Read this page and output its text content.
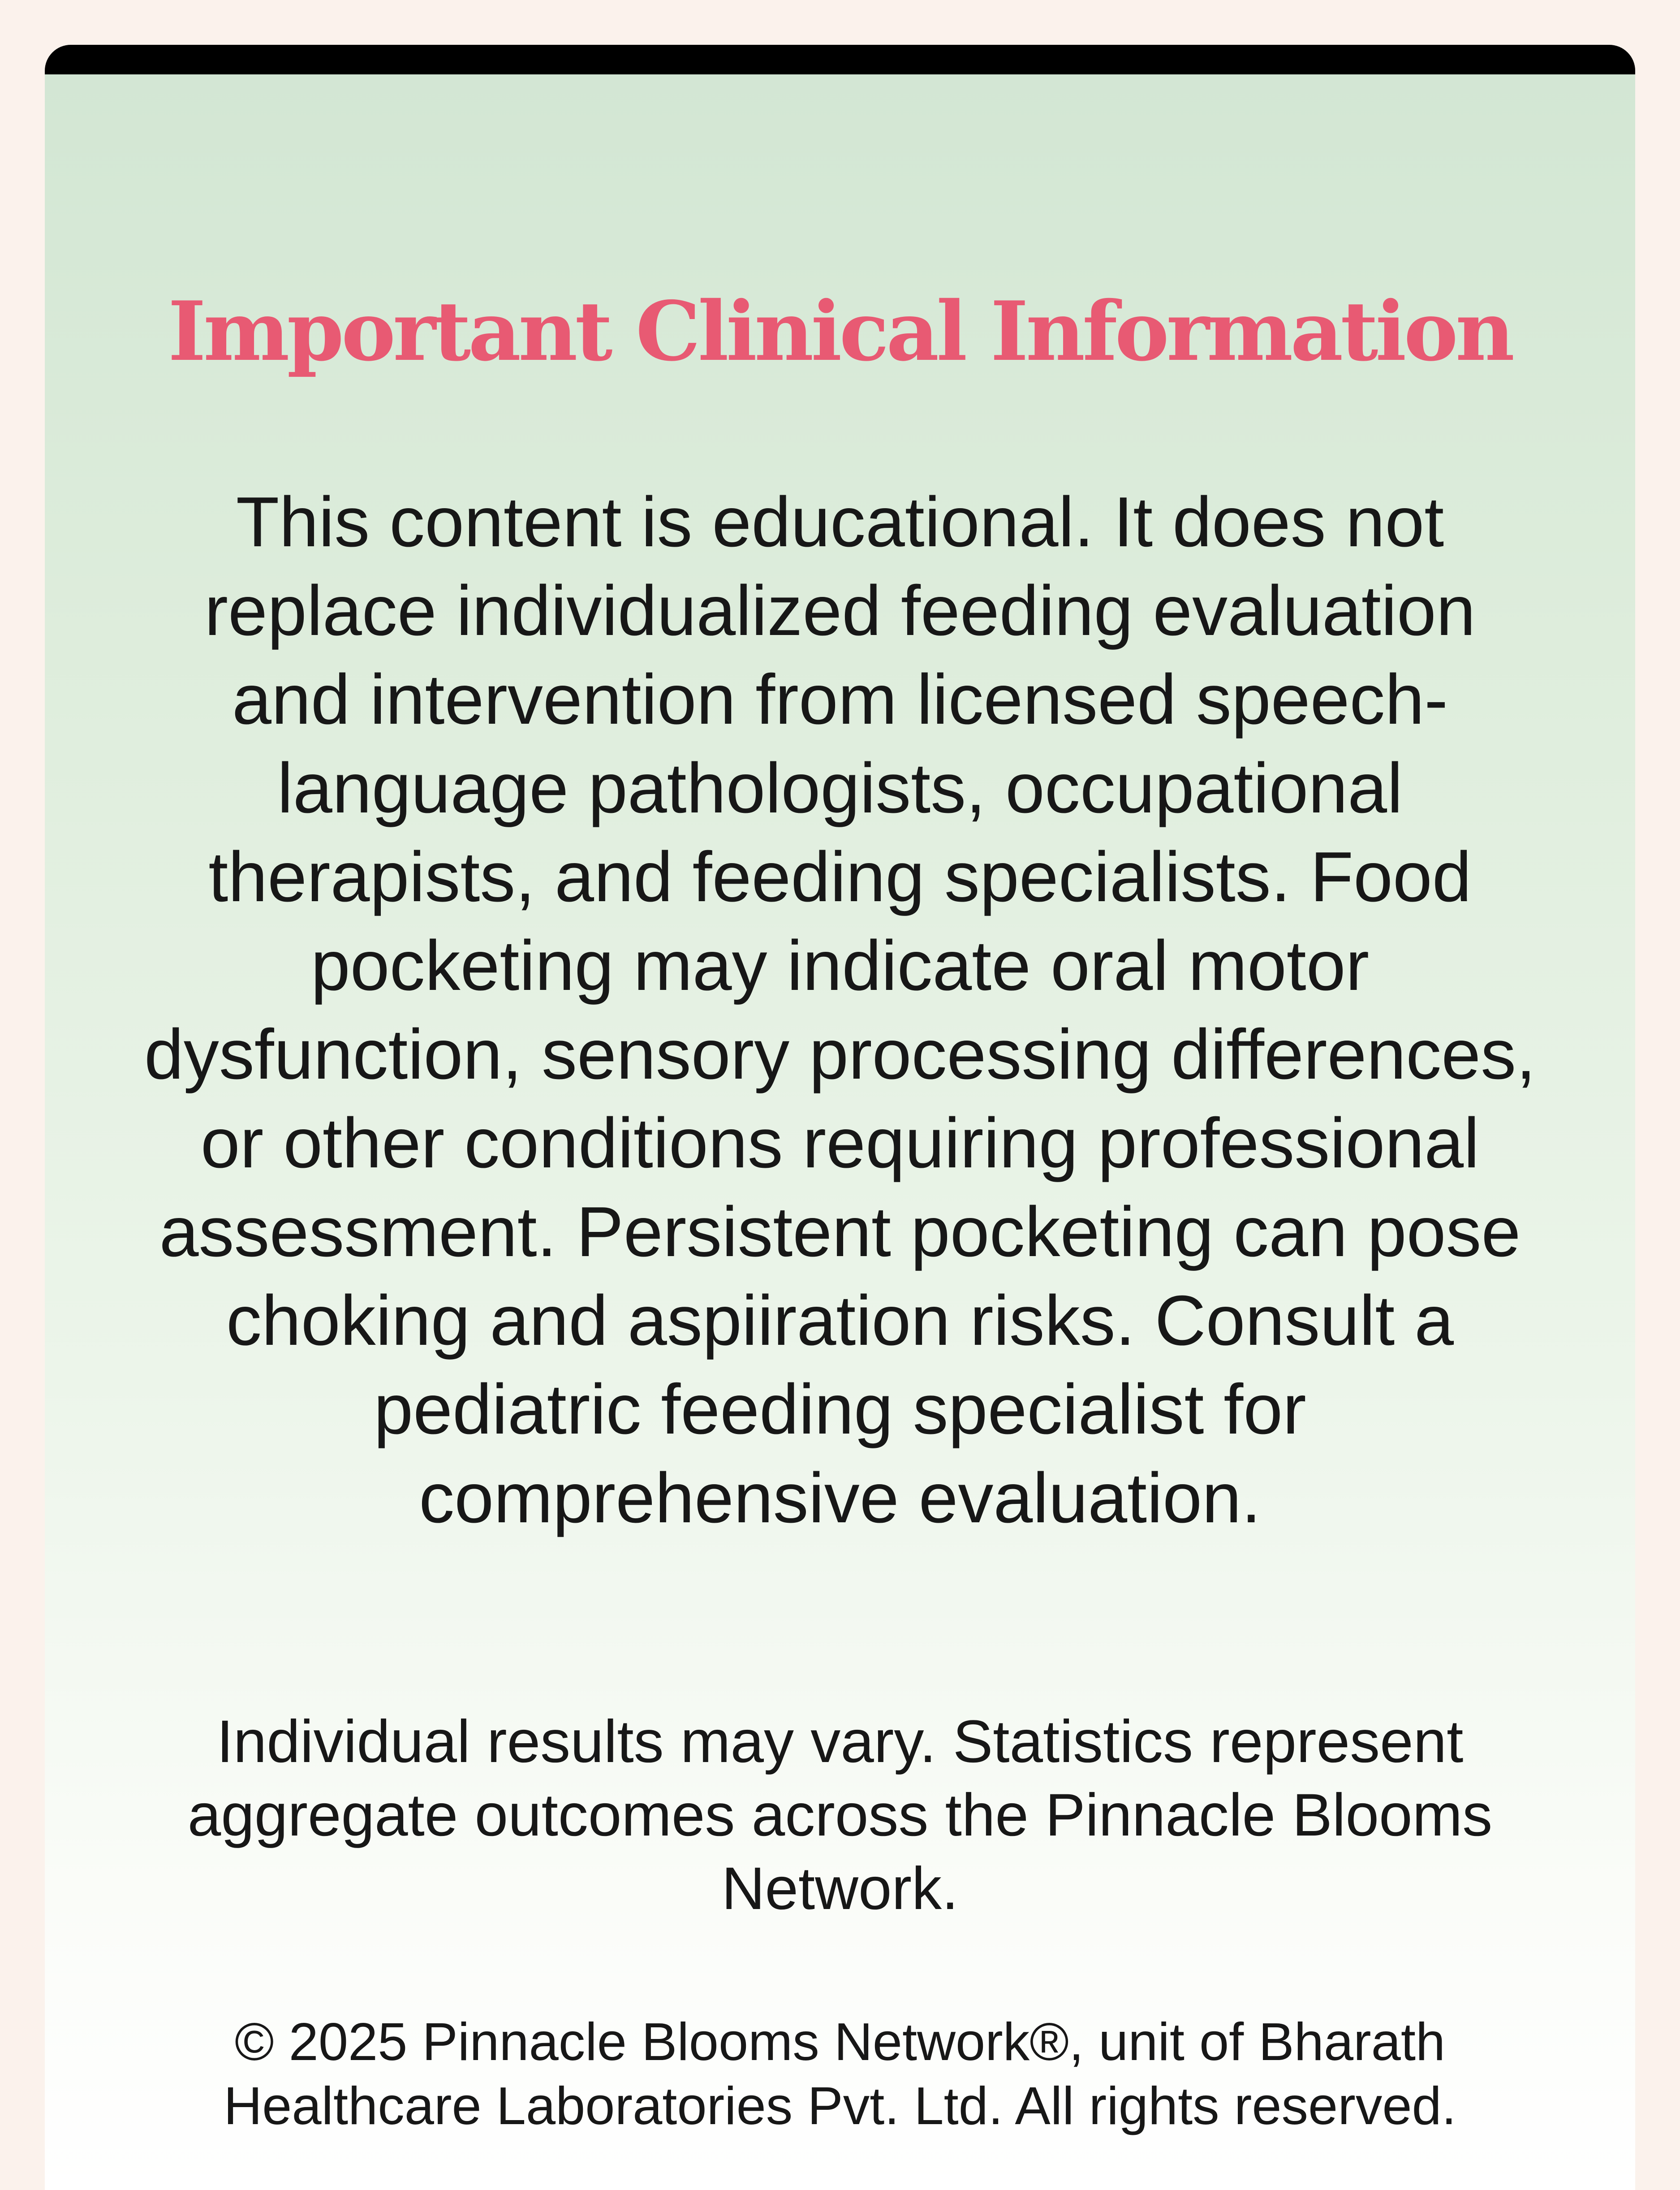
Important Clinical Information

This content is educational. It does not replace individualized feeding evaluation and intervention from licensed speech-language pathologists, occupational therapists, and feeding specialists. Food pocketing may indicate oral motor dysfunction, sensory processing differences, or other conditions requiring professional assessment. Persistent pocketing can pose choking and aspiiration risks. Consult a pediatric feeding specialist for comprehensive evaluation.

Individual results may vary. Statistics represent aggregate outcomes across the Pinnacle Blooms Network.

© 2025 Pinnacle Blooms Network®, unit of Bharath Healthcare Laboratories Pvt. Ltd. All rights reserved.
